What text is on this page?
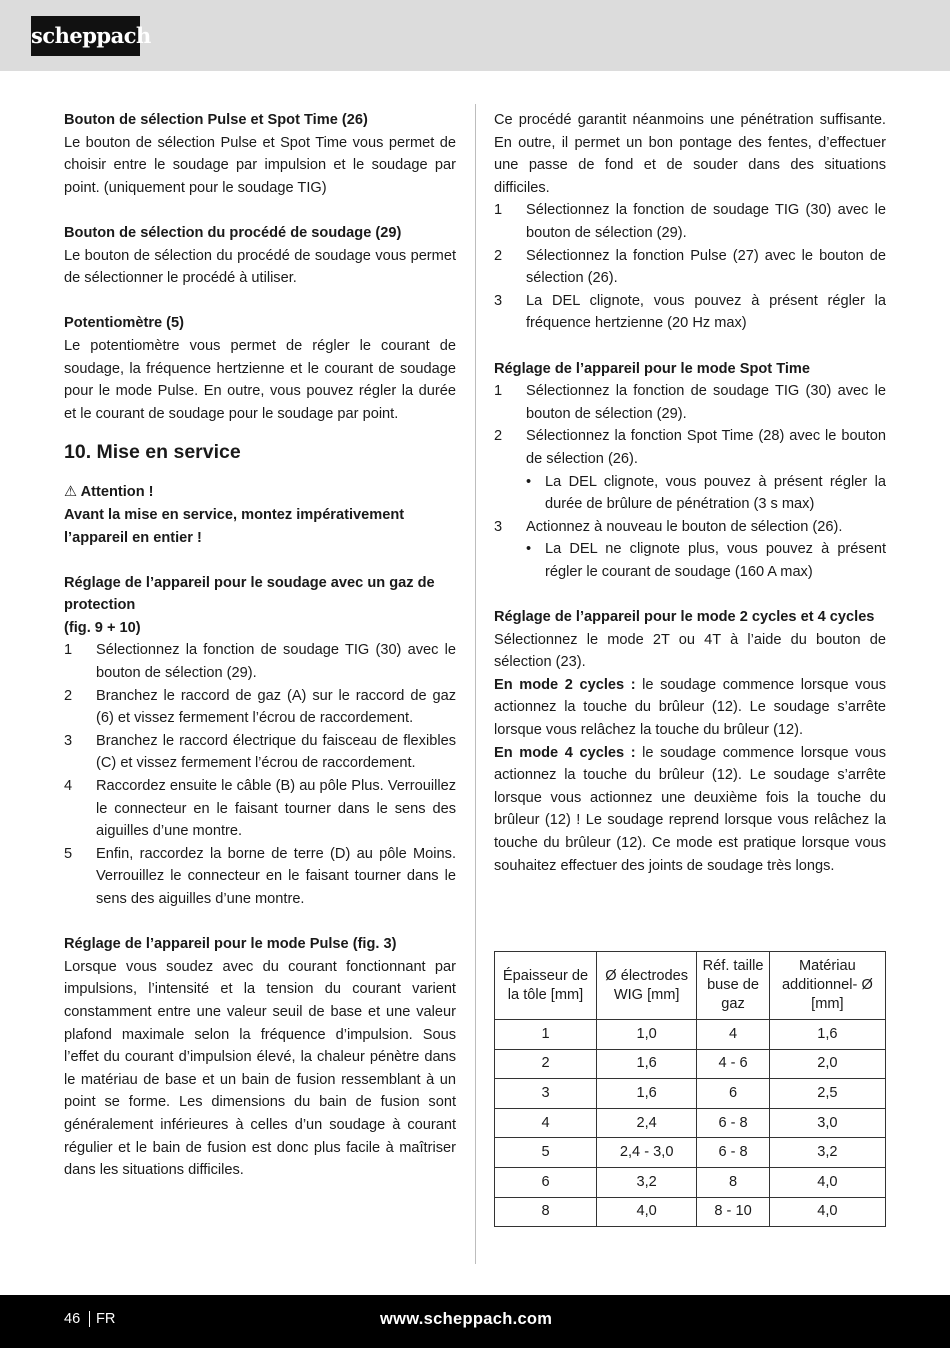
scheppach

Bouton de sélection Pulse et Spot Time (26)

Le bouton de sélection Pulse et Spot Time vous permet de choisir entre le soudage par impulsion et le soudage par point. (uniquement pour le soudage TIG)

Bouton de sélection du procédé de soudage (29)

Le bouton de sélection du procédé de soudage vous permet de sélectionner le procédé à utiliser.

Potentiomètre (5)

Le potentiomètre vous permet de régler le courant de soudage, la fréquence hertzienne et le courant de soudage pour le mode Pulse. En outre, vous pouvez régler la durée et le courant de soudage pour le soudage par point.

10. Mise en service

⚠ Attention !

Avant la mise en service, montez impérativement l’appareil en entier !

Réglage de l’appareil pour le soudage avec un gaz de protection

(fig. 9 + 10)

1	Sélectionnez la fonction de soudage TIG (30) avec le bouton de sélection (29).
2	Branchez le raccord de gaz (A) sur le raccord de gaz (6) et vissez fermement l’écrou de raccordement.
3	Branchez le raccord électrique du faisceau de flexibles (C) et vissez fermement l’écrou de raccordement.
4	Raccordez ensuite le câble (B) au pôle Plus. Verrouillez le connecteur en le faisant tourner dans le sens des aiguilles d’une montre.
5	Enfin, raccordez la borne de terre (D) au pôle Moins. Verrouillez le connecteur en le faisant tourner dans le sens des aiguilles d’une montre.

Réglage de l’appareil pour le mode Pulse (fig. 3)

Lorsque vous soudez avec du courant fonctionnant par impulsions, l’intensité et la tension du courant varient constamment entre une valeur seuil de base et une valeur plafond maximale selon la fréquence d’impulsion. Sous l’effet du courant d’impulsion élevé, la chaleur pénètre dans le matériau de base et un bain de fusion ressemblant à un point se forme. Les dimensions du bain de fusion sont généralement inférieures à celles d’un soudage à courant régulier et le bain de fusion est donc plus facile à maîtriser dans les situations difficiles.

Ce procédé garantit néanmoins une pénétration suffisante. En outre, il permet un bon pontage des fentes, d’effectuer une passe de fond et de souder dans des situations difficiles.

1	Sélectionnez la fonction de soudage TIG (30) avec le bouton de sélection (29).
2	Sélectionnez la fonction Pulse (27) avec le bouton de sélection (26).
3	La DEL clignote, vous pouvez à présent régler la fréquence hertzienne (20 Hz max)

Réglage de l’appareil pour le mode Spot Time

1	Sélectionnez la fonction de soudage TIG (30) avec le bouton de sélection (29).
2	Sélectionnez la fonction Spot Time (28) avec le bouton de sélection (26).
• La DEL clignote, vous pouvez à présent régler la durée de brûlure de pénétration (3 s max)
3	Actionnez à nouveau le bouton de sélection (26).
• La DEL ne clignote plus, vous pouvez à présent régler le courant de soudage (160 A max)

Réglage de l’appareil pour le mode 2 cycles et 4 cycles

Sélectionnez le mode 2T ou 4T à l’aide du bouton de sélection (23).

En mode 2 cycles : le soudage commence lorsque vous actionnez la touche du brûleur (12). Le soudage s’arrête lorsque vous relâchez la touche du brûleur (12).

En mode 4 cycles : le soudage commence lorsque vous actionnez la touche du brûleur (12). Le soudage s’arrête lorsque vous actionnez une deuxième fois la touche du brûleur (12) ! Le soudage reprend lorsque vous relâchez la touche du brûleur (12). Ce mode est pratique lorsque vous souhaitez effectuer des joints de soudage très longs.

Épaisseur de la tôle [mm]	Ø électrodes WIG [mm]	Réf. taille buse de gaz	Matériau additionnel- Ø [mm]
1	1,0	4	1,6
2	1,6	4 - 6	2,0
3	1,6	6	2,5
4	2,4	6 - 8	3,0
5	2,4 - 3,0	6 - 8	3,2
6	3,2	8	4,0
8	4,0	8 - 10	4,0
46 FR	www.scheppach.com
